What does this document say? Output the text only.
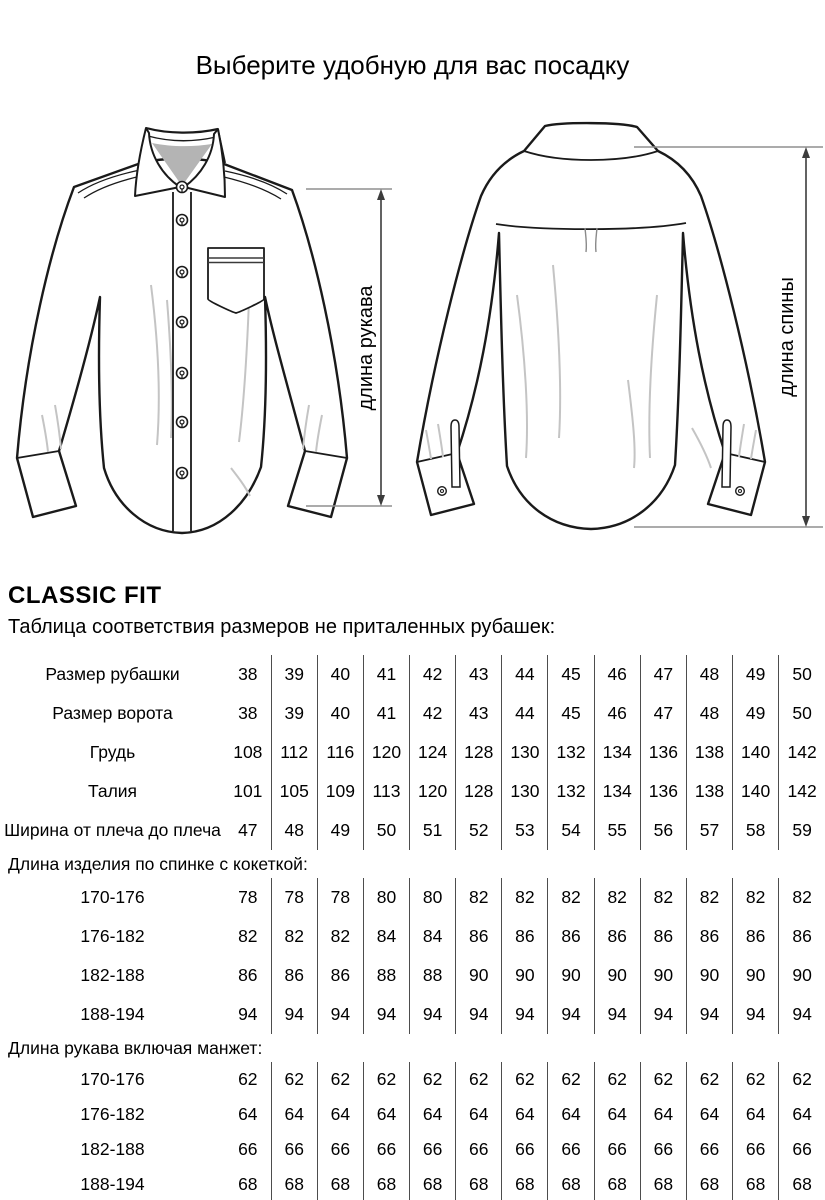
Выберите удобную для вас посадку
длина рукава	длина спины
CLASSIC FIT

Таблица соответствия размеров не приталенных рубашек:

Размер рубашки	38	39	40	41	42	43	44	45	46	47	48	49	50
Размер ворота	38	39	40	41	42	43	44	45	46	47	48	49	50
Грудь	108	112	116	120	124	128	130	132	134	136	138	140	142
Талия	101	105	109	113	120	128	130	132	134	136	138	140	142
Ширина от плеча до плеча	47	48	49	50	51	52	53	54	55	56	57	58	59
Длина изделия по спинке с кокеткой:													
170-176	78	78	78	80	80	82	82	82	82	82	82	82	82
176-182	82	82	82	84	84	86	86	86	86	86	86	86	86
182-188	86	86	86	88	88	90	90	90	90	90	90	90	90
188-194	94	94	94	94	94	94	94	94	94	94	94	94	94
Длина рукава включая манжет:													
170-176	62	62	62	62	62	62	62	62	62	62	62	62	62
176-182	64	64	64	64	64	64	64	64	64	64	64	64	64
182-188	66	66	66	66	66	66	66	66	66	66	66	66	66
188-194	68	68	68	68	68	68	68	68	68	68	68	68	68
